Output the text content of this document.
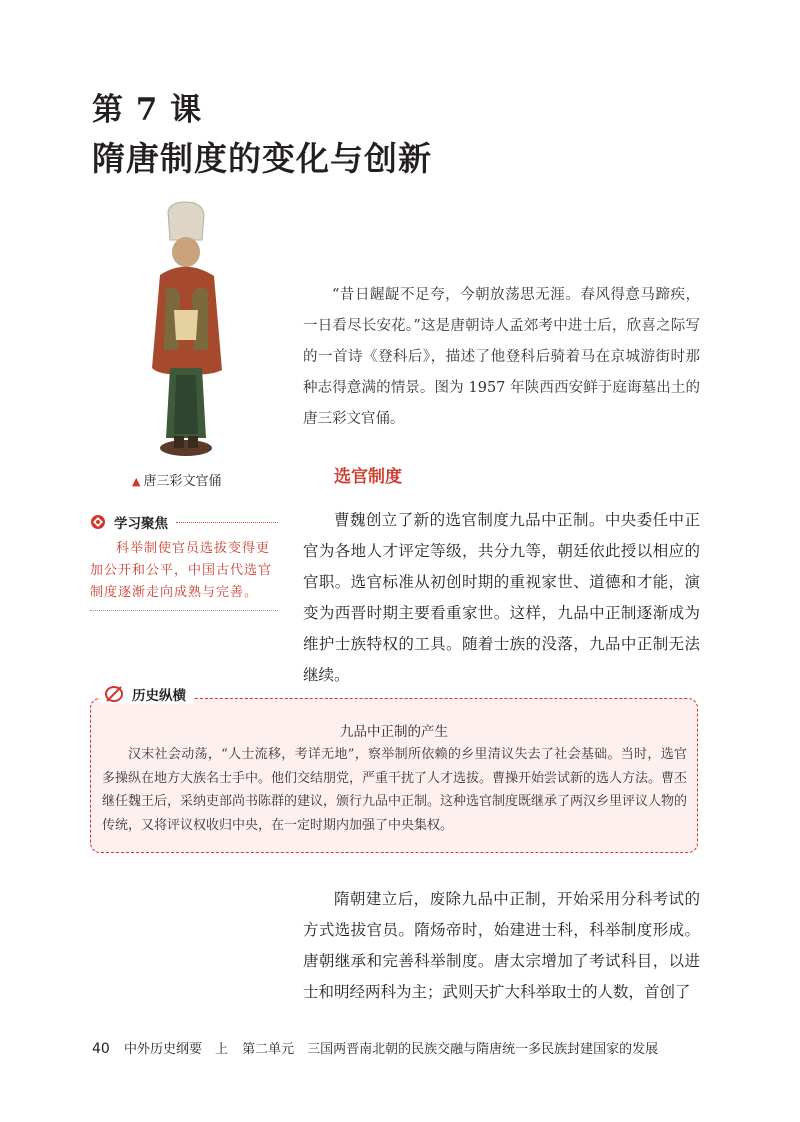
第 7 课
隋唐制度的变化与创新
▲ 唐三彩文官俑

“昔日龌龊不足夸，今朝放荡思无涯。春风得意马蹄疾，一日看尽长安花。”这是唐朝诗人孟郊考中进士后，欣喜之际写的一首诗《登科后》，描述了他登科后骑着马在京城游街时那种志得意满的情景。图为 1957 年陕西西安鲜于庭诲墓出土的唐三彩文官俑。

选官制度

曹魏创立了新的选官制度九品中正制。中央委任中正官为各地人才评定等级，共分九等，朝廷依此授以相应的官职。选官标准从初创时期的重视家世、道德和才能，演变为西晋时期主要看重家世。这样，九品中正制逐渐成为维护士族特权的工具。随着士族的没落，九品中正制无法继续。

学习聚焦
科举制使官员选拔变得更加公开和公平，中国古代选官制度逐渐走向成熟与完善。
历史纵横
九品中正制的产生
汉末社会动荡，“人士流移，考详无地”，察举制所依赖的乡里清议失去了社会基础。当时，选官多操纵在地方大族名士手中。他们交结朋党，严重干扰了人才选拔。曹操开始尝试新的选人方法。曹丕继任魏王后，采纳吏部尚书陈群的建议，颁行九品中正制。这种选官制度既继承了两汉乡里评议人物的传统，又将评议权收归中央，在一定时期内加强了中央集权。

隋朝建立后，废除九品中正制，开始采用分科考试的方式选拔官员。隋炀帝时，始建进士科，科举制度形成。唐朝继承和完善科举制度。唐太宗增加了考试科目，以进士和明经两科为主；武则天扩大科举取士的人数，首创了

40 中外历史纲要　上 第二单元　三国两晋南北朝的民族交融与隋唐统一多民族封建国家的发展
